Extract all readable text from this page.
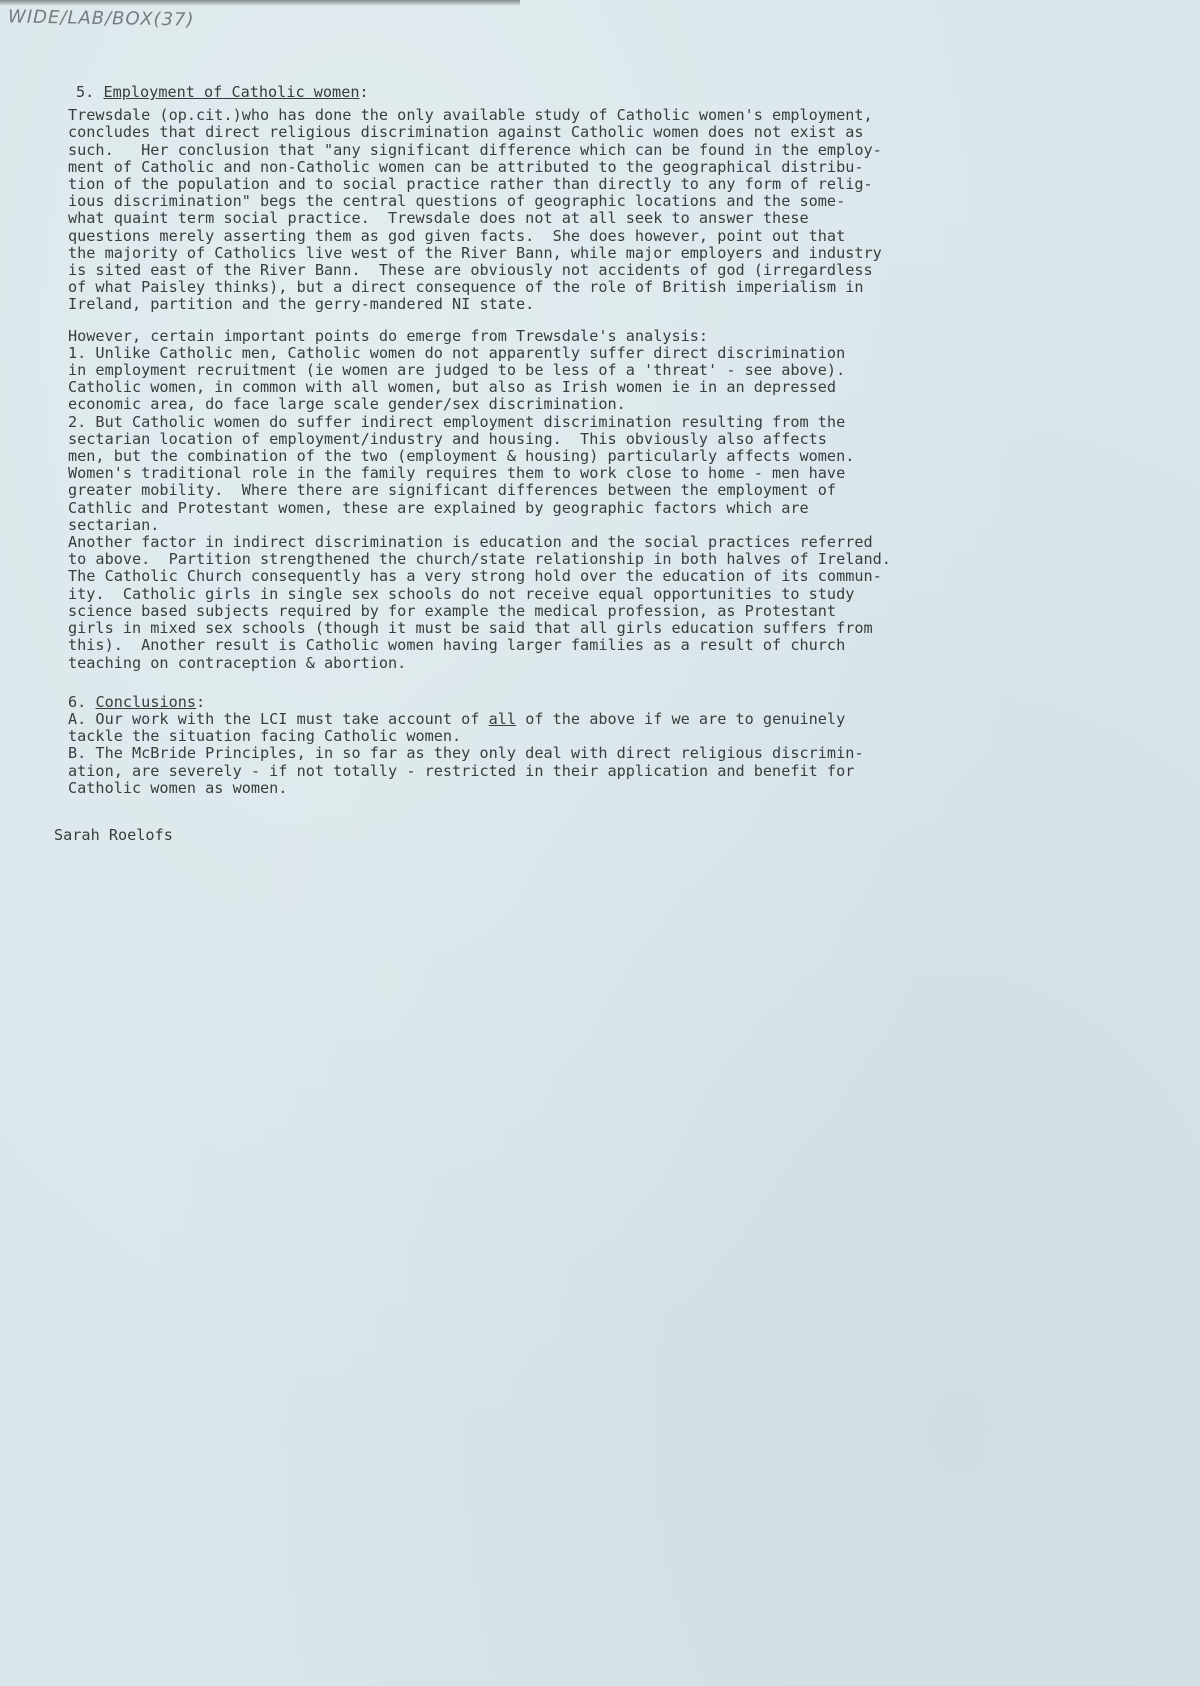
WIDE/LAB/BOX(37)
5. Employment of Catholic women:
Trewsdale (op.cit.)who has done the only available study of Catholic women's employment,
concludes that direct religious discrimination against Catholic women does not exist as
such.   Her conclusion that "any significant difference which can be found in the employ-
ment of Catholic and non-Catholic women can be attributed to the geographical distribu-
tion of the population and to social practice rather than directly to any form of relig-
ious discrimination" begs the central questions of geographic locations and the some-
what quaint term social practice.  Trewsdale does not at all seek to answer these
questions merely asserting them as god given facts.  She does however, point out that
the majority of Catholics live west of the River Bann, while major employers and industry
is sited east of the River Bann.  These are obviously not accidents of god (irregardless
of what Paisley thinks), but a direct consequence of the role of British imperialism in
Ireland, partition and the gerry-mandered NI state.
However, certain important points do emerge from Trewsdale's analysis:
1. Unlike Catholic men, Catholic women do not apparently suffer direct discrimination
in employment recruitment (ie women are judged to be less of a 'threat' - see above).
Catholic women, in common with all women, but also as Irish women ie in an depressed
economic area, do face large scale gender/sex discrimination.
2. But Catholic women do suffer indirect employment discrimination resulting from the
sectarian location of employment/industry and housing.  This obviously also affects
men, but the combination of the two (employment & housing) particularly affects women.
Women's traditional role in the family requires them to work close to home - men have
greater mobility.  Where there are significant differences between the employment of
Cathlic and Protestant women, these are explained by geographic factors which are
sectarian.
Another factor in indirect discrimination is education and the social practices referred
to above.  Partition strengthened the church/state relationship in both halves of Ireland.
The Catholic Church consequently has a very strong hold over the education of its commun-
ity.  Catholic girls in single sex schools do not receive equal opportunities to study
science based subjects required by for example the medical profession, as Protestant
girls in mixed sex schools (though it must be said that all girls education suffers from
this).  Another result is Catholic women having larger families as a result of church
teaching on contraception & abortion.
6. Conclusions:
A. Our work with the LCI must take account of all of the above if we are to genuinely
tackle the situation facing Catholic women.
B. The McBride Principles, in so far as they only deal with direct religious discrimin-
ation, are severely - if not totally - restricted in their application and benefit for
Catholic women as women.
Sarah Roelofs
